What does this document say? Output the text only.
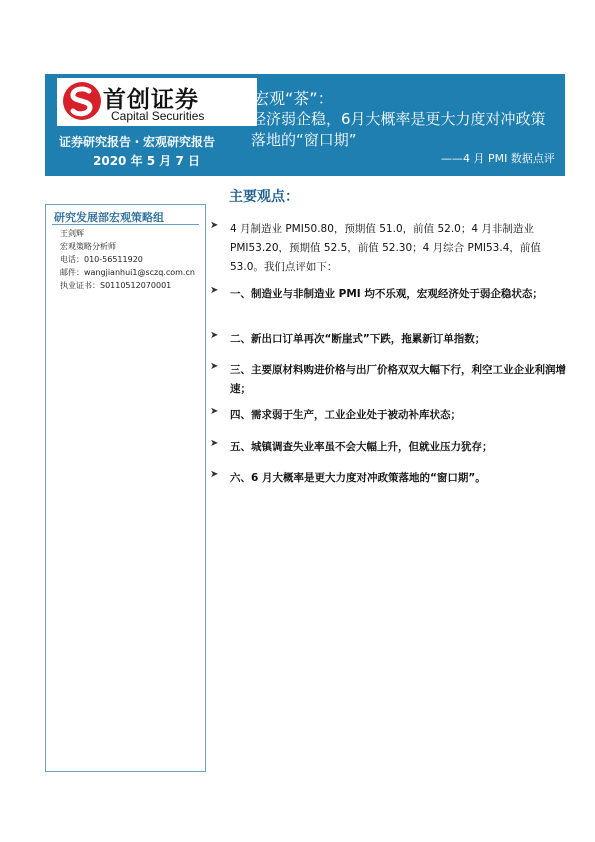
首创证券
Capital Securities
首创宏观“茶”：
宏观经济弱企稳，6月大概率是更大力度对冲政策
落地的“窗口期”
证券研究报告・宏观研究报告
2020 年 5 月 7 日	——4 月 PMI 数据点评
研究发展部宏观策略组
王剑辉
宏观策略分析师
电话：010-56511920
邮件：wangjianhui1@sczq.com.cn
执业证书：S0110512070001
主要观点：
➤ 4 月制造业 PMI50.80，预期值 51.0，前值 52.0；4 月非制造业 PMI53.20，预期值 52.5，前值 52.30；4 月综合 PMI53.4，前值 53.0。我们点评如下：
➤ 一、制造业与非制造业 PMI 均不乐观，宏观经济处于弱企稳状态；
➤ 二、新出口订单再次“断崖式”下跌，拖累新订单指数；
➤ 三、主要原材料购进价格与出厂价格双双大幅下行，利空工业企业利润增速；
➤ 四、需求弱于生产，工业企业处于被动补库状态；
➤ 五、城镇调查失业率虽不会大幅上升，但就业压力犹存；
➤ 六、6 月大概率是更大力度对冲政策落地的“窗口期”。
